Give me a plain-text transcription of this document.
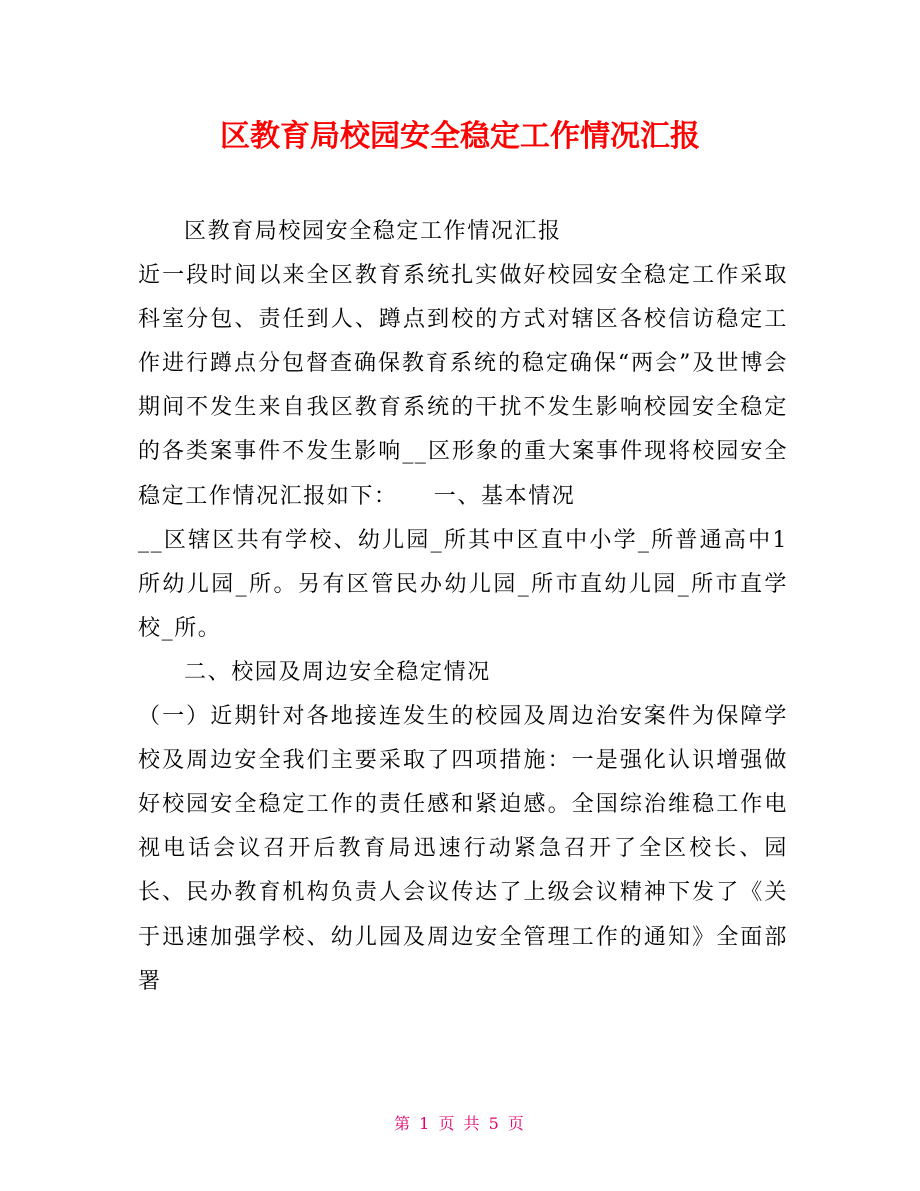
区教育局校园安全稳定工作情况汇报

区教育局校园安全稳定工作情况汇报

近一段时间以来全区教育系统扎实做好校园安全稳定工作采取科室分包、责任到人、蹲点到校的方式对辖区各校信访稳定工作进行蹲点分包督查确保教育系统的稳定确保“两会”及世博会期间不发生来自我区教育系统的干扰不发生影响校园安全稳定的各类案事件不发生影响__区形象的重大案事件现将校园安全稳定工作情况汇报如下：　　一、基本情况

__区辖区共有学校、幼儿园_所其中区直中小学_所普通高中1所幼儿园_所。另有区管民办幼儿园_所市直幼儿园_所市直学校_所。

二、校园及周边安全稳定情况

（一）近期针对各地接连发生的校园及周边治安案件为保障学校及周边安全我们主要采取了四项措施：一是强化认识增强做好校园安全稳定工作的责任感和紧迫感。全国综治维稳工作电视电话会议召开后教育局迅速行动紧急召开了全区校长、园长、民办教育机构负责人会议传达了上级会议精神下发了《关于迅速加强学校、幼儿园及周边安全管理工作的通知》全面部署

第 1 页 共 5 页
